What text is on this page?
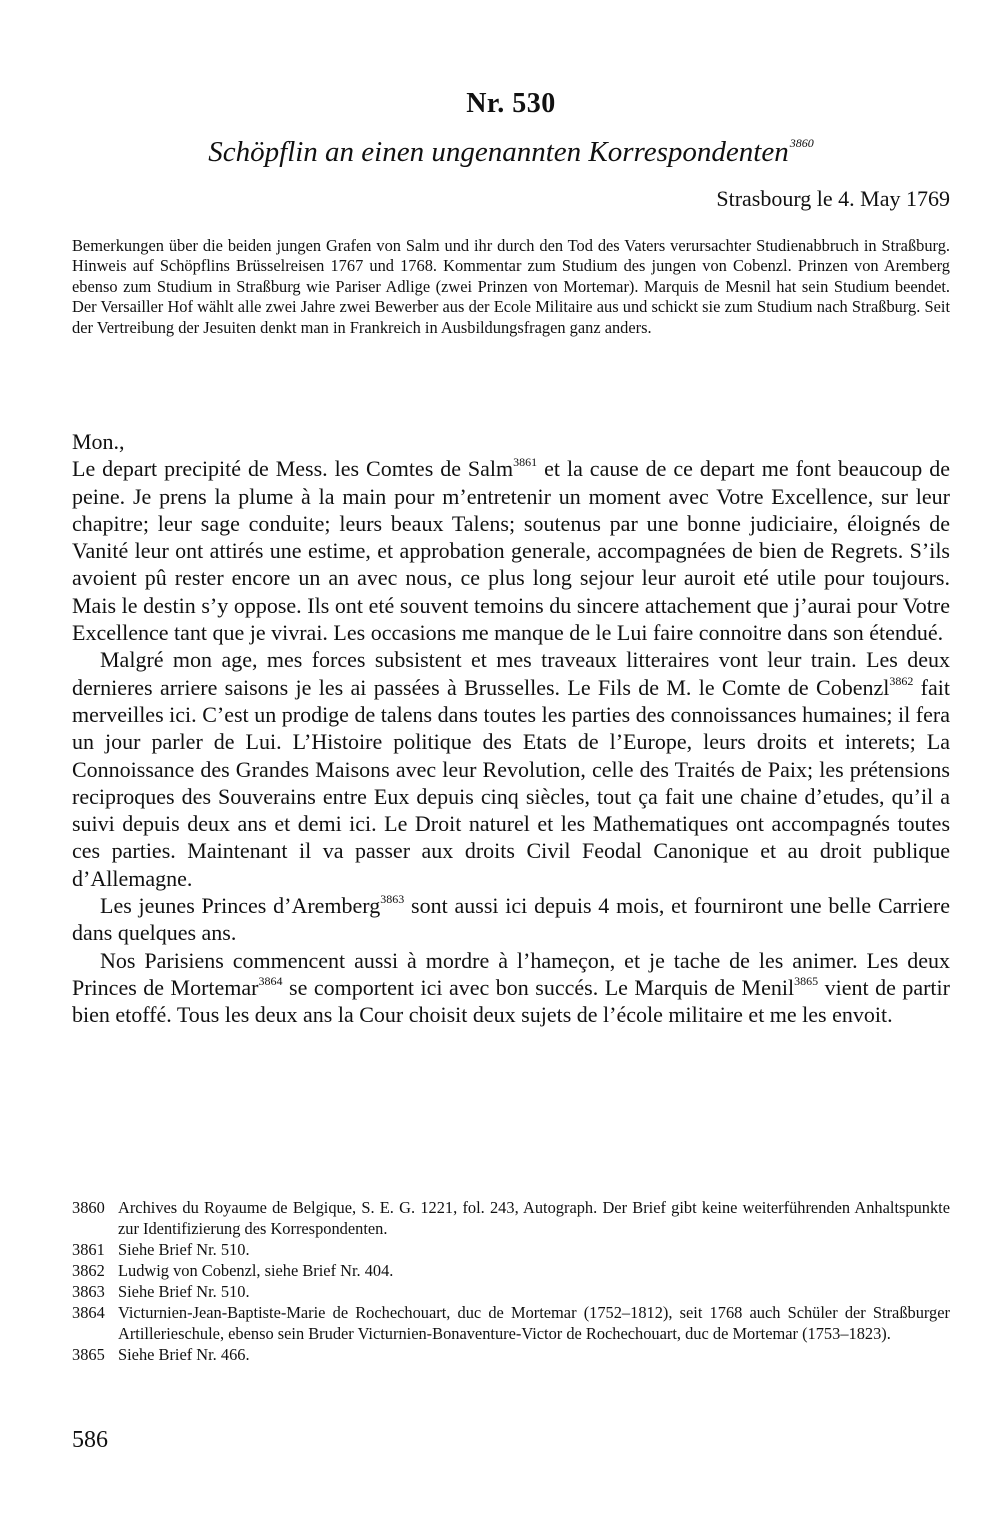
Nr. 530
Schöpflin an einen ungenannten Korrespondenten$^{3860}$
Strasbourg le 4. May 1769
Bemerkungen über die beiden jungen Grafen von Salm und ihr durch den Tod des Vaters verursachter Studienabbruch in Straßburg. Hinweis auf Schöpflins Brüsselreisen 1767 und 1768. Kommentar zum Studium des jungen von Cobenzl. Prinzen von Aremberg ebenso zum Studium in Straßburg wie Pariser Adlige (zwei Prinzen von Mortemar). Marquis de Mesnil hat sein Studium beendet. Der Versailler Hof wählt alle zwei Jahre zwei Bewerber aus der Ecole Militaire aus und schickt sie zum Studium nach Straßburg. Seit der Vertreibung der Jesuiten denkt man in Frankreich in Ausbildungsfragen ganz anders.

Mon.,

Le depart precipité de Mess. les Comtes de Salm$^{3861}$ et la cause de ce depart me font beaucoup de peine. Je prens la plume à la main pour m’entretenir un moment avec Votre Excellence, sur leur chapitre; leur sage conduite; leurs beaux Talens; soutenus par une bonne judiciaire, éloignés de Vanité leur ont attirés une estime, et approbation generale, accompagnées de bien de Regrets. S’ils avoient pû rester encore un an avec nous, ce plus long sejour leur auroit eté utile pour toujours. Mais le destin s’y oppose. Ils ont eté souvent temoins du sincere attachement que j’aurai pour Votre Excellence tant que je vivrai. Les occasions me manque de le Lui faire connoitre dans son étendué.

Malgré mon age, mes forces subsistent et mes traveaux litteraires vont leur train. Les deux dernieres arriere saisons je les ai passées à Brusselles. Le Fils de M. le Comte de Cobenzl$^{3862}$ fait merveilles ici. C’est un prodige de talens dans toutes les parties des connoissances humaines; il fera un jour parler de Lui. L’Histoire politique des Etats de l’Europe, leurs droits et interets; La Connoissance des Grandes Maisons avec leur Revolution, celle des Traités de Paix; les prétensions reciproques des Souverains entre Eux depuis cinq siècles, tout ça fait une chaine d’etudes, qu’il a suivi depuis deux ans et demi ici. Le Droit naturel et les Mathematiques ont accompagnés toutes ces parties. Maintenant il va passer aux droits Civil Feodal Canonique et au droit publique d’Allemagne.

Les jeunes Princes d’Aremberg$^{3863}$ sont aussi ici depuis 4 mois, et fourniront une belle Carriere dans quelques ans.

Nos Parisiens commencent aussi à mordre à l’hameçon, et je tache de les animer. Les deux Princes de Mortemar$^{3864}$ se comportent ici avec bon succés. Le Marquis de Menil$^{3865}$ vient de partir bien etoffé. Tous les deux ans la Cour choisit deux sujets de l’école militaire et me les envoit.

3860 Archives du Royaume de Belgique, S. E. G. 1221, fol. 243, Autograph. Der Brief gibt keine weiterführenden Anhaltspunkte zur Identifizierung des Korrespondenten.
3861 Siehe Brief Nr. 510.
3862 Ludwig von Cobenzl, siehe Brief Nr. 404.
3863 Siehe Brief Nr. 510.
3864 Victurnien-Jean-Baptiste-Marie de Rochechouart, duc de Mortemar (1752–1812), seit 1768 auch Schüler der Straßburger Artillerieschule, ebenso sein Bruder Victurnien-Bonaventure-Victor de Rochechouart, duc de Mortemar (1753–1823).
3865 Siehe Brief Nr. 466.
586
